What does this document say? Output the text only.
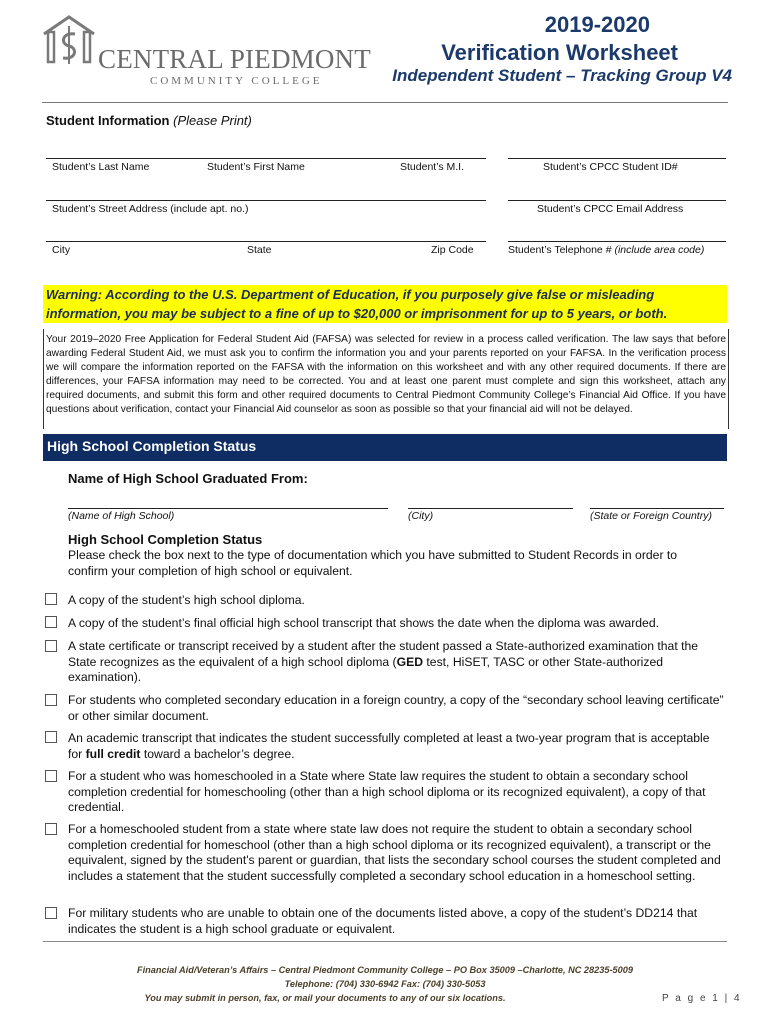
CENTRAL PIEDMONT
COMMUNITY COLLEGE
2019-2020
Verification Worksheet
Independent Student – Tracking Group V4
Student Information (Please Print)
Student’s Last Name	Student’s First Name	Student’s M.I.	Student’s CPCC Student ID#
Student’s Street Address (include apt. no.)	Student’s CPCC Email Address
City	State	Zip Code	Student’s Telephone # (include area code)
Warning: According to the U.S. Department of Education, if you purposely give false or misleading
information, you may be subject to a fine of up to $20,000 or imprisonment for up to 5 years, or both.
Your 2019–2020 Free Application for Federal Student Aid (FAFSA) was selected for review in a process called verification. The law says that before awarding Federal Student Aid, we must ask you to confirm the information you and your parents reported on your FAFSA. In the verification process we will compare the information reported on the FAFSA with the information on this worksheet and with any other required documents. If there are differences, your FAFSA information may need to be corrected. You and at least one parent must complete and sign this worksheet, attach any required documents, and submit this form and other required documents to Central Piedmont Community College’s Financial Aid Office. If you have questions about verification, contact your Financial Aid counselor as soon as possible so that your financial aid will not be delayed.
High School Completion Status
Name of High School Graduated From:
(Name of High School)	(City)	(State or Foreign Country)
High School Completion Status
Please check the box next to the type of documentation which you have submitted to Student Records in order to confirm your completion of high school or equivalent.
A copy of the student’s high school diploma.
A copy of the student’s final official high school transcript that shows the date when the diploma was awarded.
A state certificate or transcript received by a student after the student passed a State-authorized examination that the State recognizes as the equivalent of a high school diploma (GED test, HiSET, TASC or other State-authorized examination).
For students who completed secondary education in a foreign country, a copy of the “secondary school leaving certificate” or other similar document.
An academic transcript that indicates the student successfully completed at least a two-year program that is acceptable for full credit toward a bachelor’s degree.
For a student who was homeschooled in a State where State law requires the student to obtain a secondary school completion credential for homeschooling (other than a high school diploma or its recognized equivalent), a copy of that credential.
For a homeschooled student from a state where state law does not require the student to obtain a secondary school completion credential for homeschool (other than a high school diploma or its recognized equivalent), a transcript or the equivalent, signed by the student's parent or guardian, that lists the secondary school courses the student completed and includes a statement that the student successfully completed a secondary school education in a homeschool setting.
For military students who are unable to obtain one of the documents listed above, a copy of the student’s DD214 that indicates the student is a high school graduate or equivalent.
Financial Aid/Veteran’s Affairs – Central Piedmont Community College – PO Box 35009 –Charlotte, NC 28235-5009
Telephone: (704) 330-6942 Fax: (704) 330-5053
You may submit in person, fax, or mail your documents to any of our six locations.	P a g e 1 | 4
